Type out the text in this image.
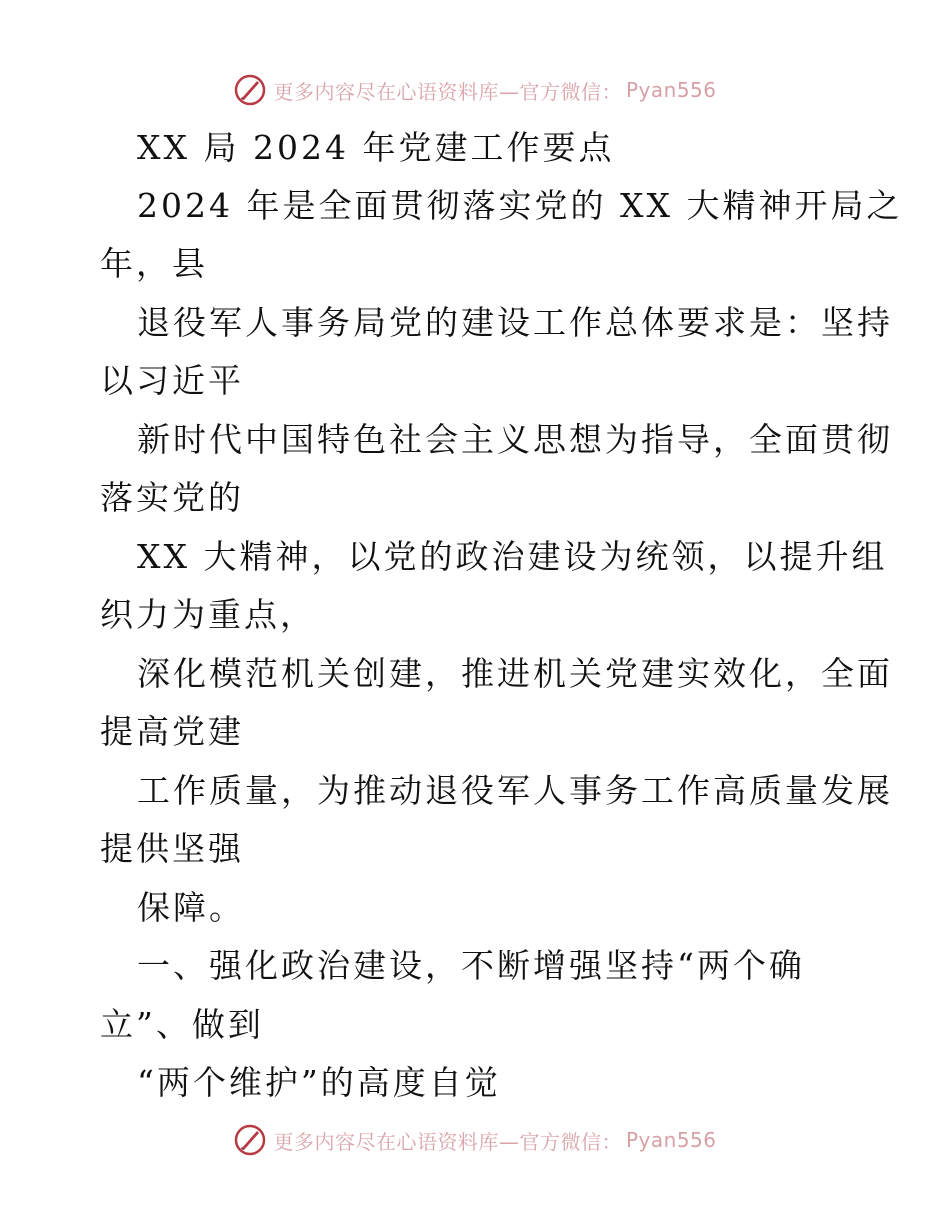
更多内容尽在心语资料库—官方微信： Pyan556
XX 局 2024 年党建工作要点
2024 年是全面贯彻落实党的 XX 大精神开局之
年，县
退役军人事务局党的建设工作总体要求是：坚持
以习近平
新时代中国特色社会主义思想为指导，全面贯彻
落实党的
XX 大精神，以党的政治建设为统领，以提升组
织力为重点，
深化模范机关创建，推进机关党建实效化，全面
提高党建
工作质量，为推动退役军人事务工作高质量发展
提供坚强
保障。
一、强化政治建设，不断增强坚持“两个确
立”、做到
“两个维护”的高度自觉
更多内容尽在心语资料库—官方微信： Pyan556
